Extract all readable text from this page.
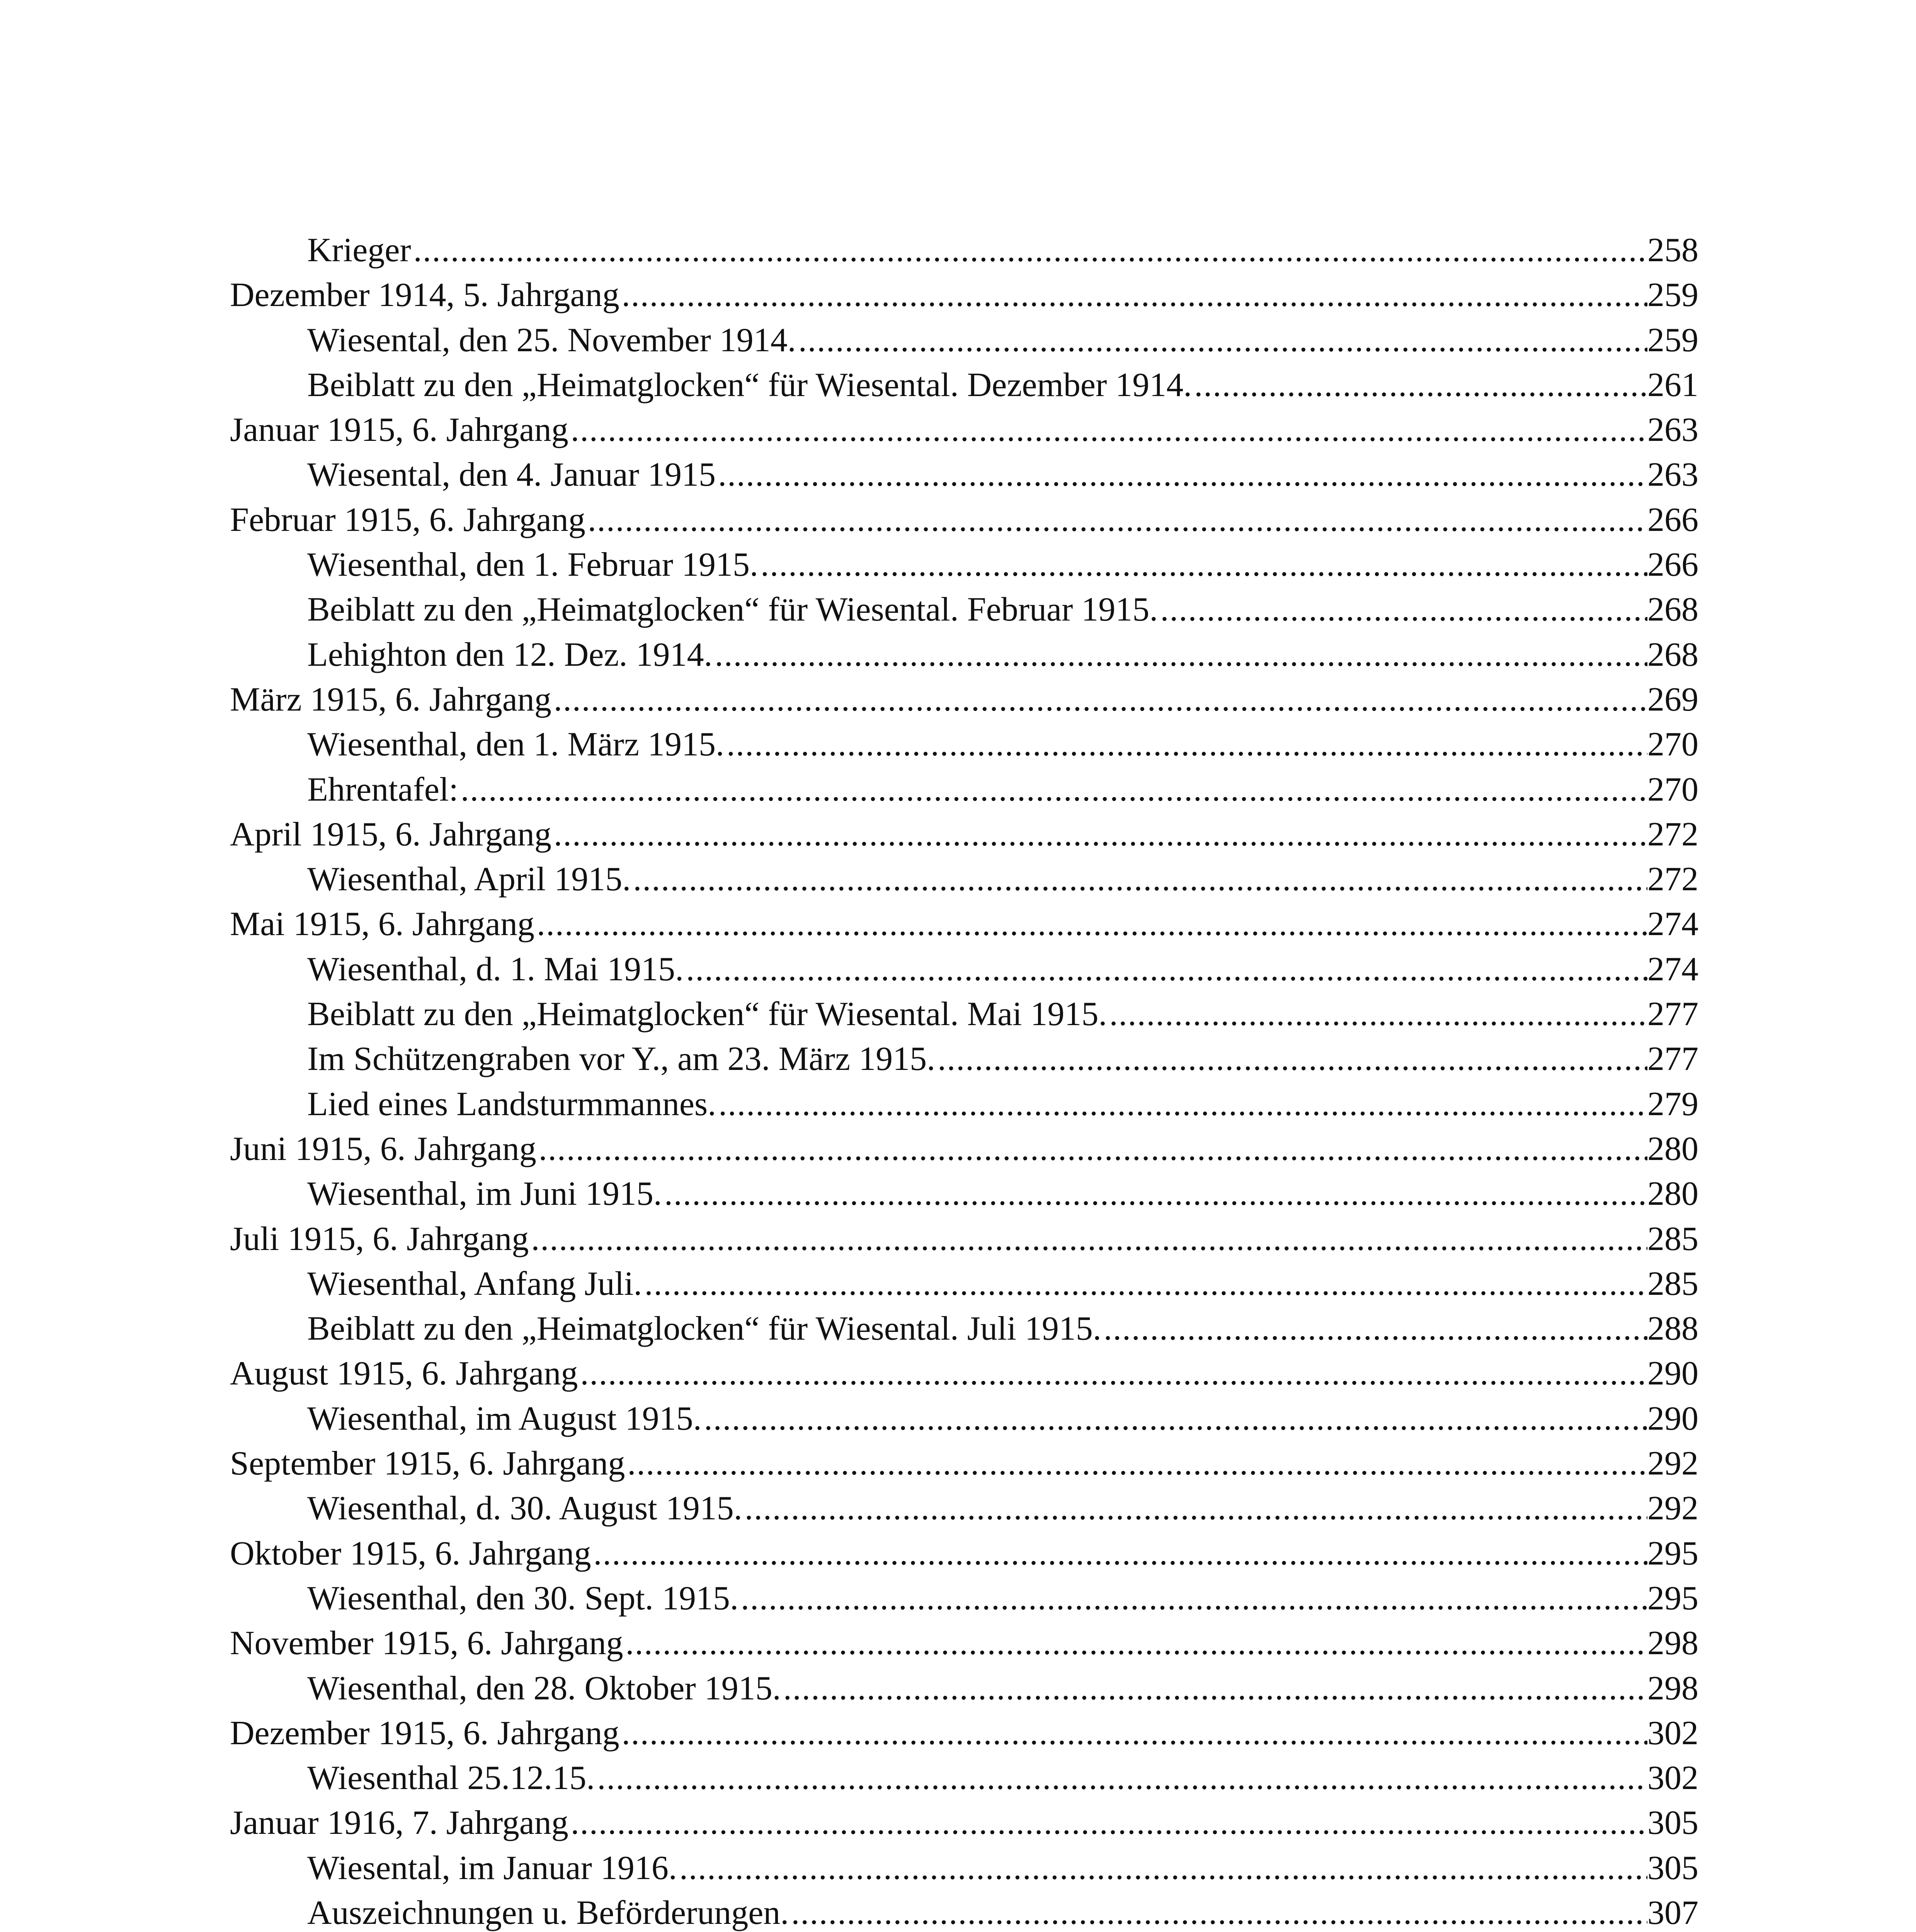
Krieger .....	258
Dezember 1914, 5. Jahrgang .....	259
Wiesental, den 25. November 1914. .....	259
Beiblatt zu den „Heimatglocken“ für Wiesental. Dezember 1914. .....	261
Januar 1915, 6. Jahrgang .....	263
Wiesental, den 4. Januar 1915 .....	263
Februar 1915, 6. Jahrgang .....	266
Wiesenthal, den 1. Februar 1915. .....	266
Beiblatt zu den „Heimatglocken“ für Wiesental. Februar 1915. .....	268
Lehighton den 12. Dez. 1914. .....	268
März 1915, 6. Jahrgang .....	269
Wiesenthal, den 1. März 1915. .....	270
Ehrentafel: .....	270
April 1915, 6. Jahrgang .....	272
Wiesenthal, April 1915. .....	272
Mai 1915, 6. Jahrgang .....	274
Wiesenthal, d. 1. Mai 1915. .....	274
Beiblatt zu den „Heimatglocken“ für Wiesental. Mai 1915. .....	277
Im Schützengraben vor Y., am 23. März 1915. .....	277
Lied eines Landsturmmannes. .....	279
Juni 1915, 6. Jahrgang .....	280
Wiesenthal, im Juni 1915. .....	280
Juli 1915, 6. Jahrgang .....	285
Wiesenthal, Anfang Juli. .....	285
Beiblatt zu den „Heimatglocken“ für Wiesental. Juli 1915. .....	288
August 1915, 6. Jahrgang .....	290
Wiesenthal, im August 1915. .....	290
September 1915, 6. Jahrgang .....	292
Wiesenthal, d. 30. August 1915. .....	292
Oktober 1915, 6. Jahrgang .....	295
Wiesenthal, den 30. Sept. 1915. .....	295
November 1915, 6. Jahrgang .....	298
Wiesenthal, den 28. Oktober 1915. .....	298
Dezember 1915, 6. Jahrgang .....	302
Wiesenthal 25.12.15. .....	302
Januar 1916, 7. Jahrgang .....	305
Wiesental, im Januar 1916. .....	305
Auszeichnungen u. Beförderungen. .....	307
